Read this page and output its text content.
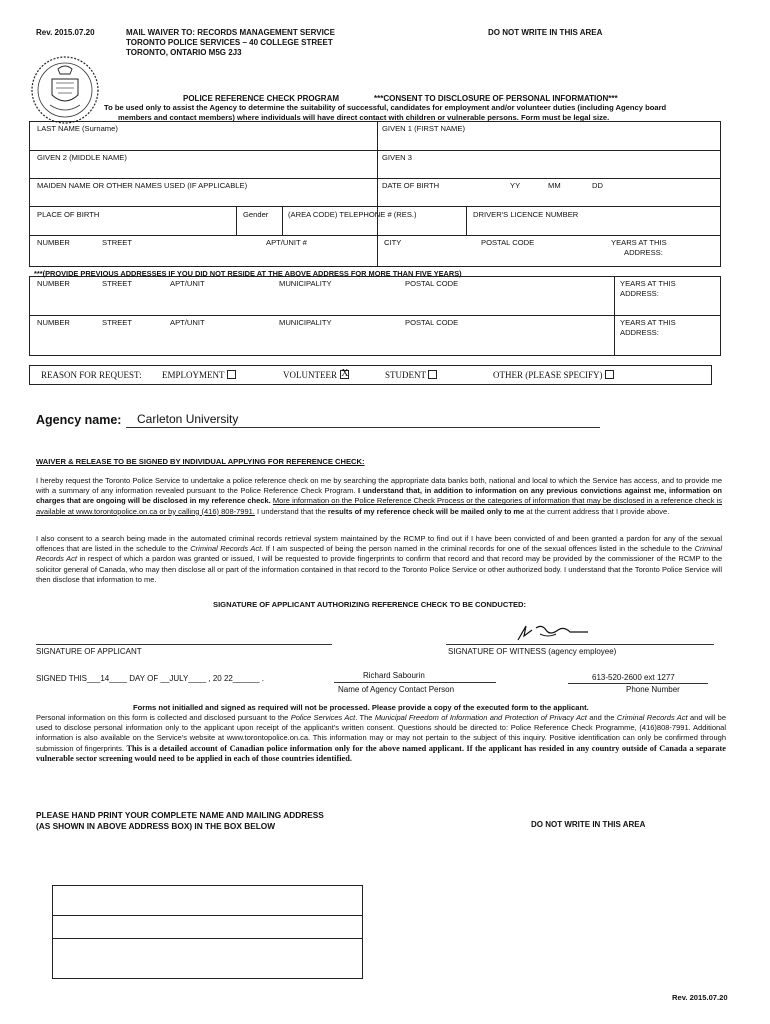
Rev. 2015.07.20	MAIL WAIVER TO: RECORDS MANAGEMENT SERVICE
TORONTO POLICE SERVICES – 40 COLLEGE STREET
TORONTO, ONTARIO M5G 2J3
DO NOT WRITE IN THIS AREA
POLICE REFERENCE CHECK PROGRAM	***CONSENT TO DISCLOSURE OF PERSONAL INFORMATION***
To be used only to assist the Agency to determine the suitability of successful, candidates for employment and/or volunteer duties (including Agency board
members and contact members) where individuals will have direct contact with children or vulnerable persons. Form must be legal size.
LAST NAME (Surname)	GIVEN 1 (FIRST NAME)
GIVEN 2 (MIDDLE NAME)	GIVEN 3
MAIDEN NAME OR OTHER NAMES USED (IF APPLICABLE)	DATE OF BIRTH	YY	MM	DD
PLACE OF BIRTH	Gender	(AREA CODE) TELEPHONE # (RES.)	DRIVER'S LICENCE NUMBER
NUMBER	STREET	APT/UNIT #	CITY	POSTAL CODE	YEARS AT THIS
ADDRESS:
***(PROVIDE PREVIOUS ADDRESSES IF YOU DID NOT RESIDE AT THE ABOVE ADDRESS FOR MORE THAN FIVE YEARS)
NUMBER	STREET	APT/UNIT	MUNICIPALITY	POSTAL CODE	YEARS AT THIS
ADDRESS:
NUMBER	STREET	APT/UNIT	MUNICIPALITY	POSTAL CODE	YEARS AT THIS
ADDRESS:
REASON FOR REQUEST: EMPLOYMENT	VOLUNTEER X	STUDENT	OTHER (PLEASE SPECIFY)
Agency name: Carleton University
WAIVER & RELEASE TO BE SIGNED BY INDIVIDUAL APPLYING FOR REFERENCE CHECK:
I hereby request the Toronto Police Service to undertake a police reference check on me by searching the appropriate data banks both, national and local to which the Service has access, and to provide me with a summary of any information revealed pursuant to the Police Reference Check Program. I understand that, in addition to information on any previous convictions against me, information on charges that are ongoing will be disclosed in my reference check. More information on the Police Reference Check Process or the categories of information that may be disclosed in a reference check is available at www.torontopolice.on.ca or by calling (416) 808-7991. I understand that the results of my reference check will be mailed only to me at the current address that I provide above.
I also consent to a search being made in the automated criminal records retrieval system maintained by the RCMP to find out if I have been convicted of and been granted a pardon for any of the sexual offences that are listed in the schedule to the Criminal Records Act. If I am suspected of being the person named in the criminal records for one of the sexual offences listed in the schedule to the Criminal Records Act in respect of which a pardon was granted or issued, I will be requested to provide fingerprints to confirm that record and that record may be provided by the commissioner of the RCMP to the solicitor general of Canada, who may then disclose all or part of the information contained in that record to the Toronto Police Service or other authorized body. I understand that the Toronto Police Service will then disclose that information to me.
SIGNATURE OF APPLICANT AUTHORIZING REFERENCE CHECK TO BE CONDUCTED:
SIGNATURE OF APPLICANT	SIGNATURE OF WITNESS (agency employee)
SIGNED THIS___14____ DAY OF __JULY____ , 20 22______ .	Richard Sabourin
Name of Agency Contact Person
613-520-2600 ext 1277
Phone Number
Forms not initialled and signed as required will not be processed. Please provide a copy of the executed form to the applicant.
Personal information on this form is collected and disclosed pursuant to the Police Services Act. The Municipal Freedom of Information and Protection of Privacy Act and the Criminal Records Act and will be used to disclose personal information only to the applicant upon receipt of the applicant's written consent. Questions should be directed to: Police Reference Check Programme, (416)808-7991. Additional information is also available on the Service's website at www.torontopolice.on.ca. This information may or may not pertain to the subject of this inquiry. Positive identification can only be confirmed through submission of fingerprints. This is a detailed account of Canadian police information only for the above named applicant. If the applicant has resided in any country outside of Canada a separate vulnerable sector screening would need to be applied in each of those countries identified.
PLEASE HAND PRINT YOUR COMPLETE NAME AND MAILING ADDRESS
(AS SHOWN IN ABOVE ADDRESS BOX) IN THE BOX BELOW	DO NOT WRITE IN THIS AREA
Rev. 2015.07.20
